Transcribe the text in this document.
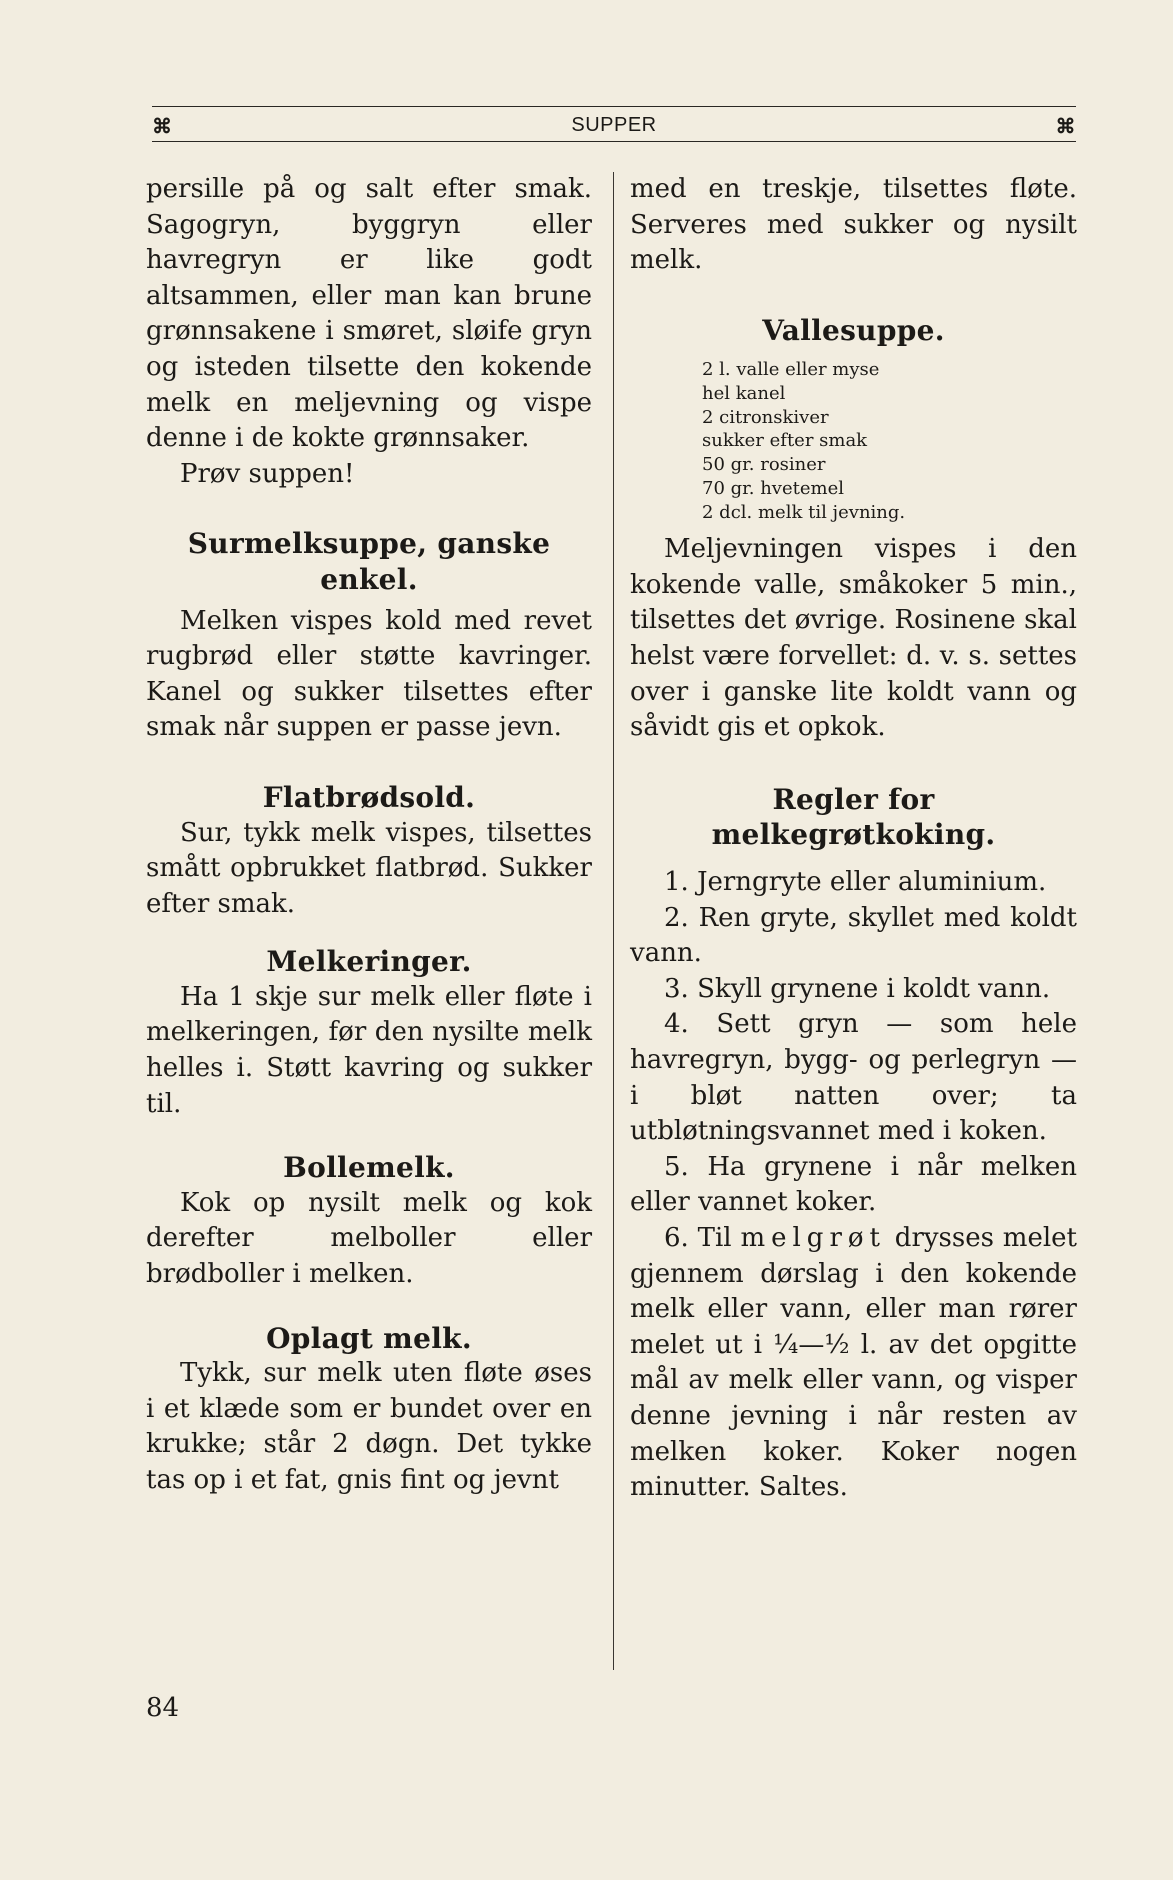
⌘	SUPPER	⌘

persille på og salt efter smak. Sagogryn, byggryn eller havregryn er like godt altsammen, eller man kan brune grønnsakene i smøret, sløife gryn og isteden tilsette den kokende melk en meljevning og vispe denne i de kokte grønnsaker.

Prøv suppen!

Surmelksuppe, ganske enkel.

Melken vispes kold med revet rugbrød eller støtte kavringer. Kanel og sukker tilsettes efter smak når suppen er passe jevn.

Flatbrødsold.

Sur, tykk melk vispes, tilsettes smått opbrukket flatbrød. Sukker efter smak.

Melkeringer.

Ha 1 skje sur melk eller fløte i melkeringen, før den nysilte melk helles i. Støtt kavring og sukker til.

Bollemelk.

Kok op nysilt melk og kok derefter melboller eller brødboller i melken.

Oplagt melk.

Tykk, sur melk uten fløte øses i et klæde som er bundet over en krukke; står 2 døgn. Det tykke tas op i et fat, gnis fint og jevnt

med en treskje, tilsettes fløte. Serveres med sukker og nysilt melk.

Vallesuppe.
2 l. valle eller myse
hel kanel
2 citronskiver
sukker efter smak
50 gr. rosiner
70 gr. hvetemel
2 dcl. melk til jevning.

Meljevningen vispes i den kokende valle, småkoker 5 min., tilsettes det øvrige. Rosinene skal helst være forvellet: d. v. s. settes over i ganske lite koldt vann og såvidt gis et opkok.

Regler for melkegrøtkoking.

1. Jerngryte eller aluminium.

2. Ren gryte, skyllet med koldt vann.

3. Skyll grynene i koldt vann.

4. Sett gryn — som hele havregryn, bygg- og perlegryn — i bløt natten over; ta utbløtningsvannet med i koken.

5. Ha grynene i når melken eller vannet koker.

6. Til melgrøt drysses melet gjennem dørslag i den kokende melk eller vann, eller man rører melet ut i ¼—½ l. av det opgitte mål av melk eller vann, og visper denne jevning i når resten av melken koker. Koker nogen minutter. Saltes.

84
